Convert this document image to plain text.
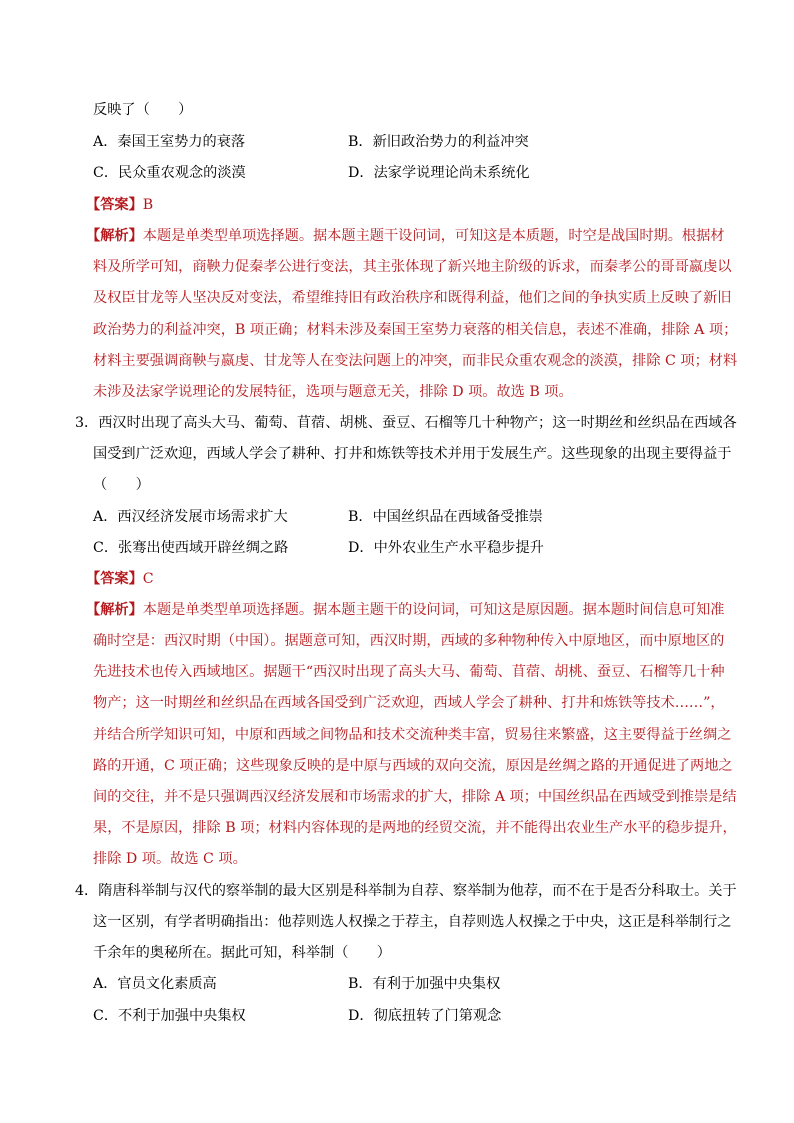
反映了（　　）
A．秦国王室势力的衰落	B．新旧政治势力的利益冲突
C．民众重农观念的淡漠	D．法家学说理论尚未系统化
【答案】B
【解析】本题是单类型单项选择题。据本题主题干设问词，可知这是本质题，时空是战国时期。根据材
料及所学可知，商鞅力促秦孝公进行变法，其主张体现了新兴地主阶级的诉求，而秦孝公的哥哥嬴虔以
及权臣甘龙等人坚决反对变法，希望维持旧有政治秩序和既得利益，他们之间的争执实质上反映了新旧
政治势力的利益冲突，B 项正确；材料未涉及秦国王室势力衰落的相关信息，表述不准确，排除 A 项；
材料主要强调商鞅与嬴虔、甘龙等人在变法问题上的冲突，而非民众重农观念的淡漠，排除 C 项；材料
未涉及法家学说理论的发展特征，选项与题意无关，排除 D 项。故选 B 项。
3．西汉时出现了高头大马、葡萄、苜蓿、胡桃、蚕豆、石榴等几十种物产；这一时期丝和丝织品在西域各
国受到广泛欢迎，西域人学会了耕种、打井和炼铁等技术并用于发展生产。这些现象的出现主要得益于
（　　）
A．西汉经济发展市场需求扩大	B．中国丝织品在西域备受推崇
C．张骞出使西域开辟丝绸之路	D．中外农业生产水平稳步提升
【答案】C
【解析】本题是单类型单项选择题。据本题主题干的设问词，可知这是原因题。据本题时间信息可知准
确时空是：西汉时期（中国）。据题意可知，西汉时期，西域的多种物种传入中原地区，而中原地区的
先进技术也传入西域地区。据题干“西汉时出现了高头大马、葡萄、苜蓿、胡桃、蚕豆、石榴等几十种
物产；这一时期丝和丝织品在西域各国受到广泛欢迎，西域人学会了耕种、打井和炼铁等技术……”，
并结合所学知识可知，中原和西域之间物品和技术交流种类丰富，贸易往来繁盛，这主要得益于丝绸之
路的开通，C 项正确；这些现象反映的是中原与西域的双向交流，原因是丝绸之路的开通促进了两地之
间的交往，并不是只强调西汉经济发展和市场需求的扩大，排除 A 项；中国丝织品在西域受到推崇是结
果，不是原因，排除 B 项；材料内容体现的是两地的经贸交流，并不能得出农业生产水平的稳步提升，
排除 D 项。故选 C 项。
4．隋唐科举制与汉代的察举制的最大区别是科举制为自荐、察举制为他荐，而不在于是否分科取士。关于
这一区别，有学者明确指出：他荐则选人权操之于荐主，自荐则选人权操之于中央，这正是科举制行之
千余年的奥秘所在。据此可知，科举制（　　）
A．官员文化素质高	B．有利于加强中央集权
C．不利于加强中央集权	D．彻底扭转了门第观念
